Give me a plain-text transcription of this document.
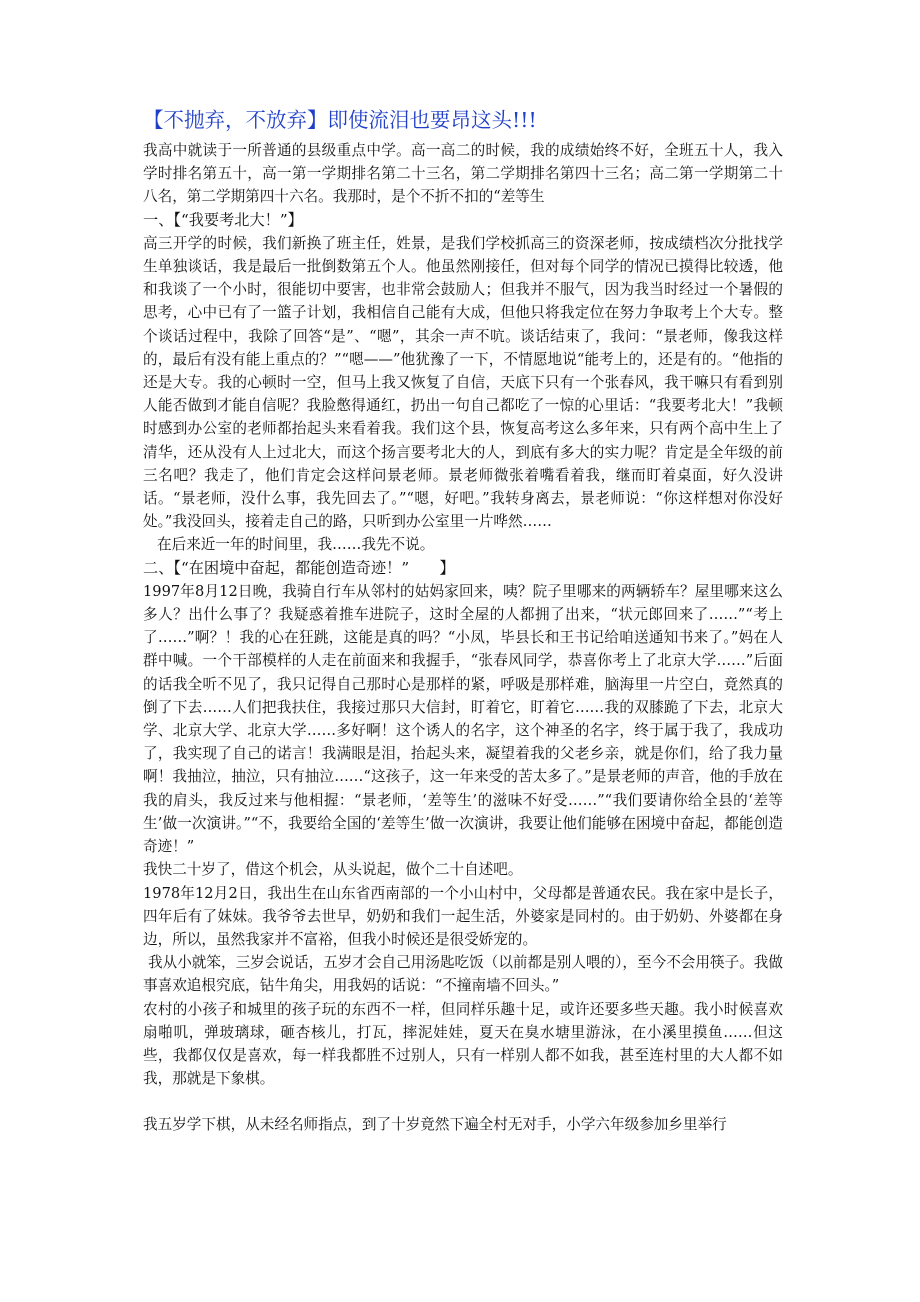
【不抛弃，不放弃】即使流泪也要昂这头!!!

我高中就读于一所普通的县级重点中学。高一高二的时候，我的成绩始终不好，全班五十人，我入学时排名第五十，高一第一学期排名第二十三名，第二学期排名第四十三名；高二第一学期第二十八名，第二学期第四十六名。我那时，是个不折不扣的“差等生

一、【“我要考北大！”】

高三开学的时候，我们新换了班主任，姓景，是我们学校抓高三的资深老师，按成绩档次分批找学生单独谈话，我是最后一批倒数第五个人。他虽然刚接任，但对每个同学的情况已摸得比较透，他和我谈了一个小时，很能切中要害，也非常会鼓励人；但我并不服气，因为我当时经过一个暑假的思考，心中已有了一篮子计划，我相信自己能有大成，但他只将我定位在努力争取考上个大专。整个谈话过程中，我除了回答“是”、“嗯”，其余一声不吭。谈话结束了，我问：“景老师，像我这样的，最后有没有能上重点的？”“嗯——”他犹豫了一下，不情愿地说“能考上的，还是有的。“他指的还是大专。我的心顿时一空，但马上我又恢复了自信，天底下只有一个张春风，我干嘛只有看到别人能否做到才能自信呢？我脸憋得通红，扔出一句自己都吃了一惊的心里话：“我要考北大！”我顿时感到办公室的老师都抬起头来看着我。我们这个县，恢复高考这么多年来，只有两个高中生上了清华，还从没有人上过北大，而这个扬言要考北大的人，到底有多大的实力呢？肯定是全年级的前三名吧？我走了，他们肯定会这样问景老师。景老师微张着嘴看着我，继而盯着桌面，好久没讲话。“景老师，没什么事，我先回去了。”“嗯，好吧。”我转身离去，景老师说：“你这样想对你没好处。”我没回头，接着走自己的路，只听到办公室里一片哗然……

在后来近一年的时间里，我……我先不说。

二、【“在困境中奋起，都能创造奇迹！”　　】

1997年8月12日晚，我骑自行车从邻村的姑妈家回来，咦？院子里哪来的两辆轿车？屋里哪来这么多人？出什么事了？我疑惑着推车进院子，这时全屋的人都拥了出来，“状元郎回来了……”“考上了……”啊？！我的心在狂跳，这能是真的吗？“小凤，毕县长和王书记给咱送通知书来了。”妈在人群中喊。一个干部模样的人走在前面来和我握手，“张春风同学，恭喜你考上了北京大学……”后面的话我全听不见了，我只记得自己那时心是那样的紧，呼吸是那样难，脑海里一片空白，竟然真的倒了下去……人们把我扶住，我接过那只大信封，盯着它，盯着它……我的双膝跪了下去，北京大学、北京大学、北京大学……多好啊！这个诱人的名字，这个神圣的名字，终于属于我了，我成功了，我实现了自己的诺言！我满眼是泪，抬起头来，凝望着我的父老乡亲，就是你们，给了我力量啊！我抽泣，抽泣，只有抽泣……“这孩子，这一年来受的苦太多了。”是景老师的声音，他的手放在我的肩头，我反过来与他相握：“景老师，‘差等生’的滋味不好受……”“我们要请你给全县的‘差等生’做一次演讲。”“不，我要给全国的‘差等生’做一次演讲，我要让他们能够在困境中奋起，都能创造奇迹！”

我快二十岁了，借这个机会，从头说起，做个二十自述吧。

1978年12月2日，我出生在山东省西南部的一个小山村中，父母都是普通农民。我在家中是长子，四年后有了妹妹。我爷爷去世早，奶奶和我们一起生活，外婆家是同村的。由于奶奶、外婆都在身边，所以，虽然我家并不富裕，但我小时候还是很受娇宠的。

我从小就笨，三岁会说话，五岁才会自己用汤匙吃饭（以前都是别人喂的），至今不会用筷子。我做事喜欢追根究底，钻牛角尖，用我妈的话说：“不撞南墙不回头。”

农村的小孩子和城里的孩子玩的东西不一样，但同样乐趣十足，或许还要多些天趣。我小时候喜欢扇啪叽，弹玻璃球，砸杏核儿，打瓦，摔泥娃娃，夏天在臭水塘里游泳，在小溪里摸鱼……但这些，我都仅仅是喜欢，每一样我都胜不过别人，只有一样别人都不如我，甚至连村里的大人都不如我，那就是下象棋。

我五岁学下棋，从未经名师指点，到了十岁竟然下遍全村无对手，小学六年级参加乡里举行
